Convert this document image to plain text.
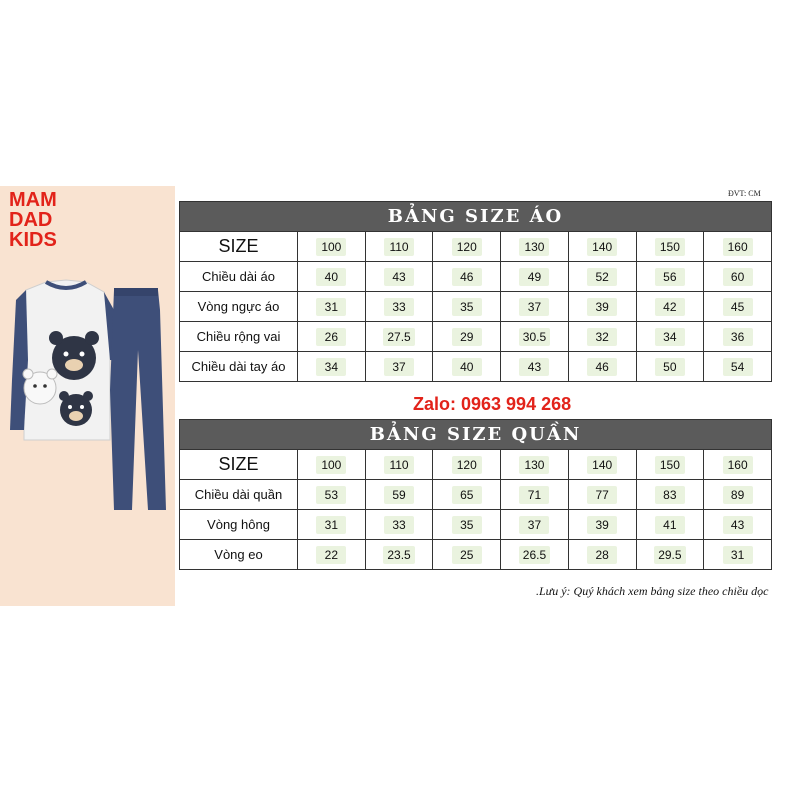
MAM
DAD
KIDS
ĐVT: CM
BẢNG SIZE ÁO							
SIZE	100	110	120	130	140	150	160
Chiều dài áo	40	43	46	49	52	56	60
Vòng ngực áo	31	33	35	37	39	42	45
Chiều rộng vai	26	27.5	29	30.5	32	34	36
Chiều dài tay áo	34	37	40	43	46	50	54
Zalo: 0963 994 268
BẢNG SIZE QUẦN							
SIZE	100	110	120	130	140	150	160
Chiều dài quần	53	59	65	71	77	83	89
Vòng hông	31	33	35	37	39	41	43
Vòng eo	22	23.5	25	26.5	28	29.5	31
.Lưu ý: Quý khách xem bảng size theo chiều dọc
